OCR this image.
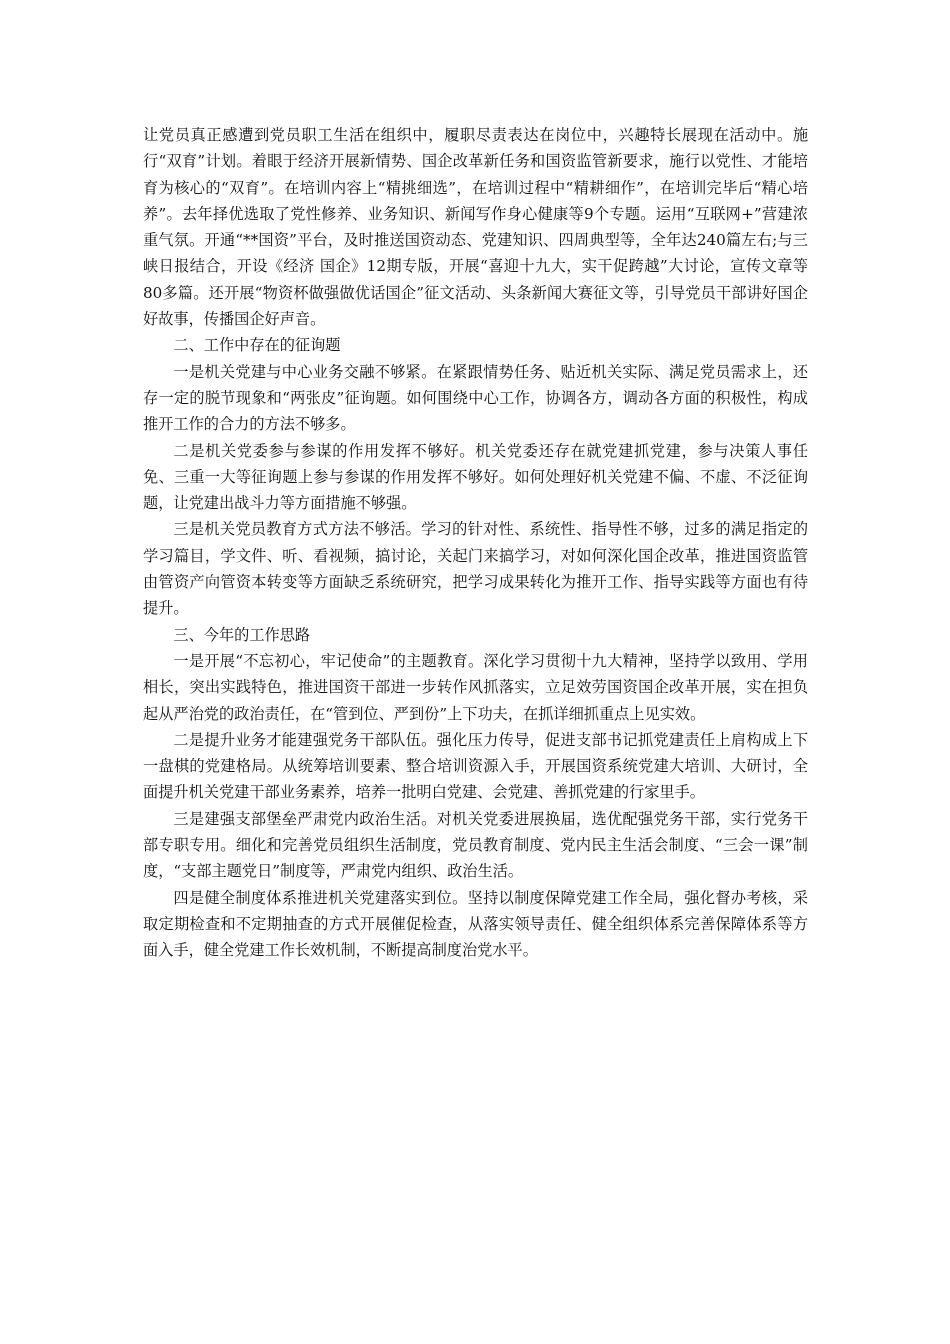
让党员真正感遭到党员职工生活在组织中，履职尽责表达在岗位中，兴趣特长展现在活动中。施行“双育”计划。着眼于经济开展新情势、国企改革新任务和国资监管新要求，施行以党性、才能培育为核心的“双育”。在培训内容上“精挑细选”，在培训过程中“精耕细作”，在培训完毕后“精心培养”。去年择优选取了党性修养、业务知识、新闻写作身心健康等9个专题。运用“互联网+”营建浓重气氛。开通“**国资”平台，及时推送国资动态、党建知识、四周典型等，全年达240篇左右;与三峡日报结合，开设《经济 国企》12期专版，开展“喜迎十九大，实干促跨越”大讨论，宣传文章等80多篇。还开展“物资杯做强做优话国企”征文活动、头条新闻大赛征文等，引导党员干部讲好国企好故事，传播国企好声音。

二、工作中存在的征询题

一是机关党建与中心业务交融不够紧。在紧跟情势任务、贴近机关实际、满足党员需求上，还存一定的脱节现象和“两张皮”征询题。如何围绕中心工作，协调各方，调动各方面的积极性，构成推开工作的合力的方法不够多。

二是机关党委参与参谋的作用发挥不够好。机关党委还存在就党建抓党建，参与决策人事任免、三重一大等征询题上参与参谋的作用发挥不够好。如何处理好机关党建不偏、不虚、不泛征询题，让党建出战斗力等方面措施不够强。

三是机关党员教育方式方法不够活。学习的针对性、系统性、指导性不够，过多的满足指定的学习篇目，学文件、听、看视频，搞讨论，关起门来搞学习，对如何深化国企改革，推进国资监管由管资产向管资本转变等方面缺乏系统研究，把学习成果转化为推开工作、指导实践等方面也有待提升。

三、今年的工作思路

一是开展“不忘初心，牢记使命”的主题教育。深化学习贯彻十九大精神，坚持学以致用、学用相长，突出实践特色，推进国资干部进一步转作风抓落实，立足效劳国资国企改革开展，实在担负起从严治党的政治责任，在“管到位、严到份”上下功夫，在抓详细抓重点上见实效。

二是提升业务才能建强党务干部队伍。强化压力传导，促进支部书记抓党建责任上肩构成上下一盘棋的党建格局。从统筹培训要素、整合培训资源入手，开展国资系统党建大培训、大研讨，全面提升机关党建干部业务素养，培养一批明白党建、会党建、善抓党建的行家里手。

三是建强支部堡垒严肃党内政治生活。对机关党委进展换届，选优配强党务干部，实行党务干部专职专用。细化和完善党员组织生活制度，党员教育制度、党内民主生活会制度、“三会一课”制度，“支部主题党日”制度等，严肃党内组织、政治生活。

四是健全制度体系推进机关党建落实到位。坚持以制度保障党建工作全局，强化督办考核，采取定期检查和不定期抽查的方式开展催促检查，从落实领导责任、健全组织体系完善保障体系等方面入手，健全党建工作长效机制，不断提高制度治党水平。
